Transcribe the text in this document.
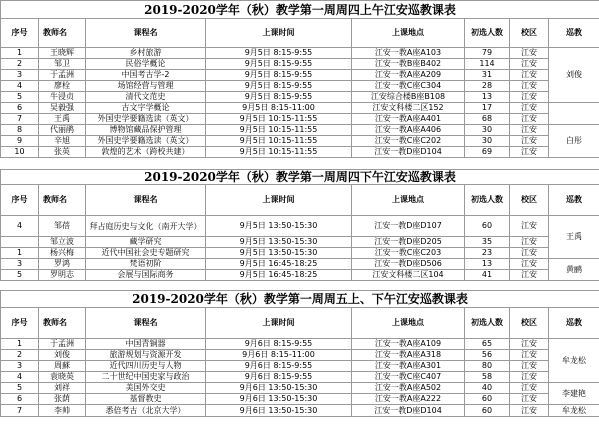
2019-2020学年（秋）教学第一周周四上午江安巡教课表							
序号	教师名	课程名	上课时间	上课地点	初选人数	校区	巡教
1	王晓辉	乡村旅游	9月5日 8:15-9:55	江安一教A座A103	79	江安	刘俊
2	邹卫	民俗学概论	9月5日 8:15-9:55	江安一教B座B402	114	江安	
3	于孟洲	中国考古学-2	9月5日 8:15-9:55	江安一教A座A209	31	江安	
4	廖栓	场馆经营与管理	9月5日 8:15-9:55	江安一教C座C304	28	江安	
5	牛浸贞	清代文范史	9月5日 8:15-9:55	江安综合楼B座B108	13	江安	
6	吴毅强	古文字学概论	9月5日 8:15-11:00	江安文科楼二区152	17	江安	
7	王禹	外国史学要籍选读（英文）	9月5日 10:15-11:55	江安一教A座A401	68	江安	
8	代丽鹃	博物馆藏品保护管理	9月5日 10:15-11:55	江安一教A座A406	30	江安	白彤
9	辛旭	外国史学要籍选读（英文）	9月5日 10:15-11:55	江安一教C座C202	30	江安	
10	张英	敦煌的艺术（跨校共建）	9月5日 10:15-11:55	江安一教D座D104	69	江安	
2019-2020学年（秋）教学第一周周四下午江安巡教课表							
序号	教师名	课程名	上课时间	上课地点	初选人数	校区	巡教
4	邹蓓	拜占庭历史与文化（南开大学）	9月5日 13:50-15:30	江安一教D座D107	60	江安	王禹
	邹立波	藏学研究	9月5日 13:50-15:30	江安一教D座D205	35	江安	
1	杨兴梅	近代中国社会史专题研究	9月5日 13:50-15:30	江安一教C座C203	23	江安	
3	罗鸿	梵语初阶	9月5日 16:45-18:25	江安一教D座D506	13	江安	黄鹂
5	罗明志	会展与国际商务	9月5日 16:45-18:25	江安文科楼二区104	41	江安	
2019-2020学年（秋）教学第一周周五上、下午江安巡教课表							
序号	教师名	课程名	上课时间	上课地点	初选人数	校区	巡教
1	于孟洲	中国青铜器	9月6日 8:15-9:55	江安一教A座A109	65	江安	牟龙松
2	刘俊	旅游规划与资源开发	9月6日 8:15-11:00	江安一教A座A318	56	江安	
3	周蘇	近代四川历史与人物	9月6日 8:15-9:55	江安一教A座A301	80	江安	
4	袁晓英	二十世纪中国史家与政治	9月6日 8:15-9:55	江安一教C座C407	58	江安	
5	刘祥	美国外交史	9月6日 13:50-15:30	江安一教A座A502	40	江安	李建艳
6	张荫	基督教史	9月6日 13:50-15:30	江安一教A座A222	60	江安	
7	李帅	悉倍考古（北京大学）	9月6日 13:50-15:30	江安一教D座D104	60	江安	牟龙松
